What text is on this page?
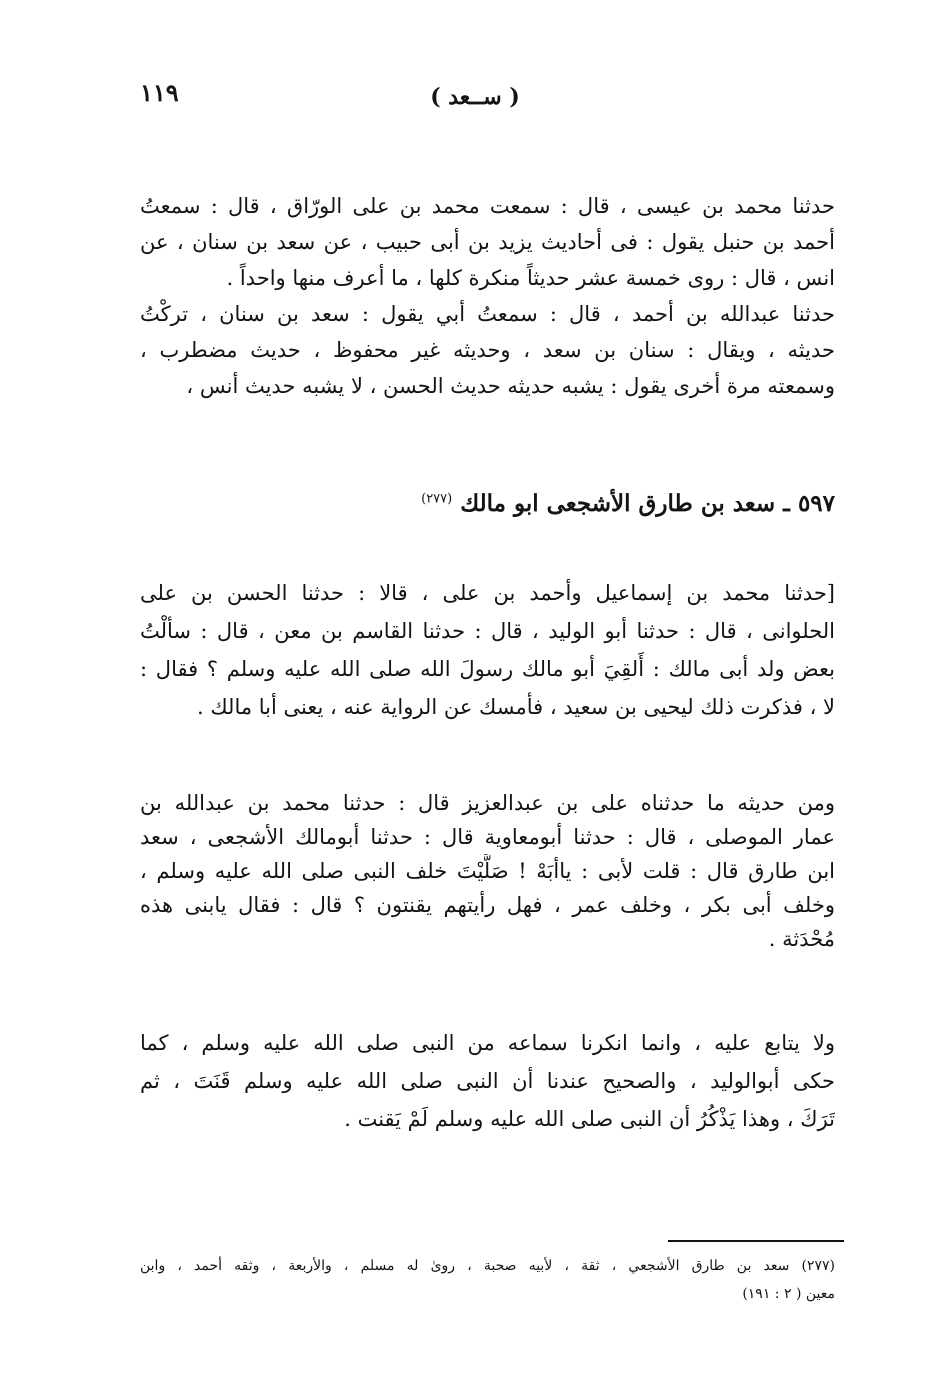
١١٩	( ســعد )
حدثنا محمد بن عيسى ، قال : سمعت محمد بن على الورّاق ، قال : سمعتُ
أحمد بن حنبل يقول : فى أحاديث يزيد بن أبى حبيب ، عن سعد بن سنان ، عن
انس ، قال : روى خمسة عشر حديثاً منكرة كلها ، ما أعرف منها واحداً .
حدثنا عبدالله بن أحمد ، قال : سمعتُ أبي يقول : سعد بن سنان ، تركْتُ
حديثه ، ويقال : سنان بن سعد ، وحديثه غير محفوظ ، حديث مضطرب ،
وسمعته مرة أخرى يقول : يشبه حديثه حديث الحسن ، لا يشبه حديث أنس ،
٥٩٧ ـ سعد بن طارق الأشجعى ابو مالك $^{(٢٧٧)}$
[حدثنا محمد بن إسماعيل وأحمد بن على ، قالا : حدثنا الحسن بن على
الحلوانى ، قال : حدثنا أبو الوليد ، قال : حدثنا القاسم بن معن ، قال : سألْتُ
بعض ولد أبى مالك : أَلقِيَ أبو مالك رسولَ الله صلى الله عليه وسلم ؟ فقال :
لا ، فذكرت ذلك ليحيى بن سعيد ، فأمسك عن الرواية عنه ، يعنى أبا مالك .
ومن حديثه ما حدثناه على بن عبدالعزيز قال : حدثنا محمد بن عبدالله بن
عمار الموصلى ، قال : حدثنا أبومعاوية قال : حدثنا أبومالك الأشجعى ، سعد
ابن طارق قال : قلت لأبى : ياأبَهْ ! صَلَّيْتَ خلف النبى صلى الله عليه وسلم ،
وخلف أبى بكر ، وخلف عمر ، فهل رأيتهم يقنتون ؟ قال : فقال يابنى هذه
مُحْدَثة .
ولا يتابع عليه ، وانما انكرنا سماعه من النبى صلى الله عليه وسلم ، كما
حكى أبوالوليد ، والصحيح عندنا أن النبى صلى الله عليه وسلم قَنَتَ ، ثم
تَرَكَ ، وهذا يَذْكُرُ أن النبى صلى الله عليه وسلم لَمْ يَقنت .
(٢٧٧) سعد بن طارق الأشجعي ، ثقة ، لأبيه صحبة ، روىٰ له مسلم ، والأربعة ، وثقه أحمد ، وابن
معين ( ٢ : ١٩١)
